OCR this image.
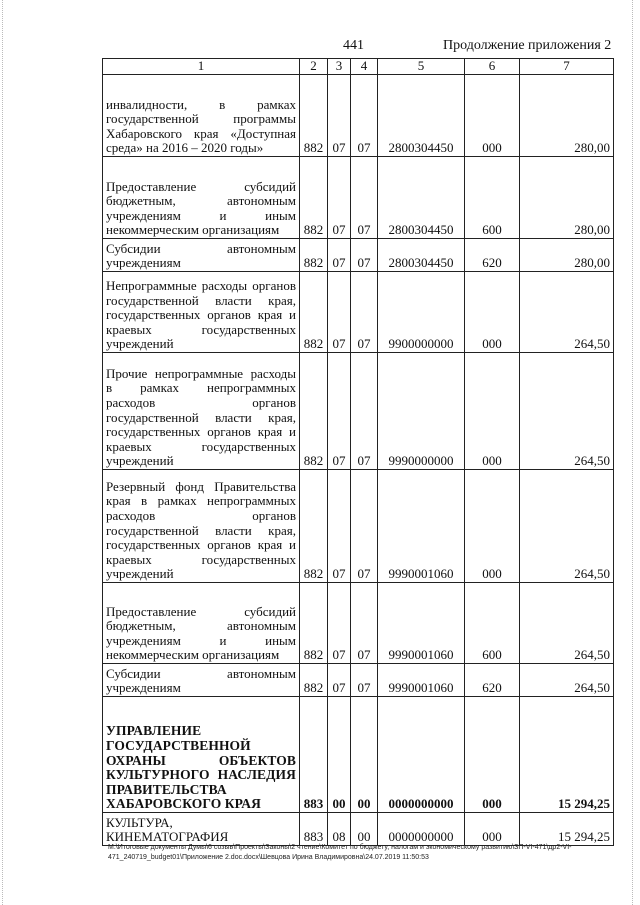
441	Продолжение приложения 2
1	2	3	4	5	6	7
инвалидности, в рамках государственной программы Хабаровского края «Доступная среда» на 2016 – 2020 годы»	882	07	07	2800304450	000	280,00
Предоставление субсидий бюджетным, автономным учреждениям и иным некоммерческим организациям	882	07	07	2800304450	600	280,00
Субсидии автономным учреждениям	882	07	07	2800304450	620	280,00
Непрограммные расходы органов государственной власти края, государственных органов края и краевых государственных учреждений	882	07	07	9900000000	000	264,50
Прочие непрограммные расходы в рамках непрограммных расходов органов государственной власти края, государственных органов края и краевых государственных учреждений	882	07	07	9990000000	000	264,50
Резервный фонд Правительства края в рамках непрограммных расходов органов государственной власти края, государственных органов края и краевых государственных учреждений	882	07	07	9990001060	000	264,50
Предоставление субсидий бюджетным, автономным учреждениям и иным некоммерческим организациям	882	07	07	9990001060	600	264,50
Субсидии автономным учреждениям	882	07	07	9990001060	620	264,50
УПРАВЛЕНИЕ ГОСУДАРСТВЕННОЙ ОХРАНЫ ОБЪЕКТОВ КУЛЬТУРНОГО НАСЛЕДИЯ ПРАВИТЕЛЬСТВА ХАБАРОВСКОГО КРАЯ	883	00	00	0000000000	000	15 294,25
КУЛЬТУРА, КИНЕМАТОГРАФИЯ	883	08	00	0000000000	000	15 294,25
М:\Итоговые документы Думы\6 созыв\Проекты\Законы\2 чтение\Комитет по бюджету, налогам и экономическому развитию\ЗП-VI-471\др2-VI-471_240719_budget01\Приложение 2.doc.docx\Шевцова Ирина Владимировна\24.07.2019 11:50:53
